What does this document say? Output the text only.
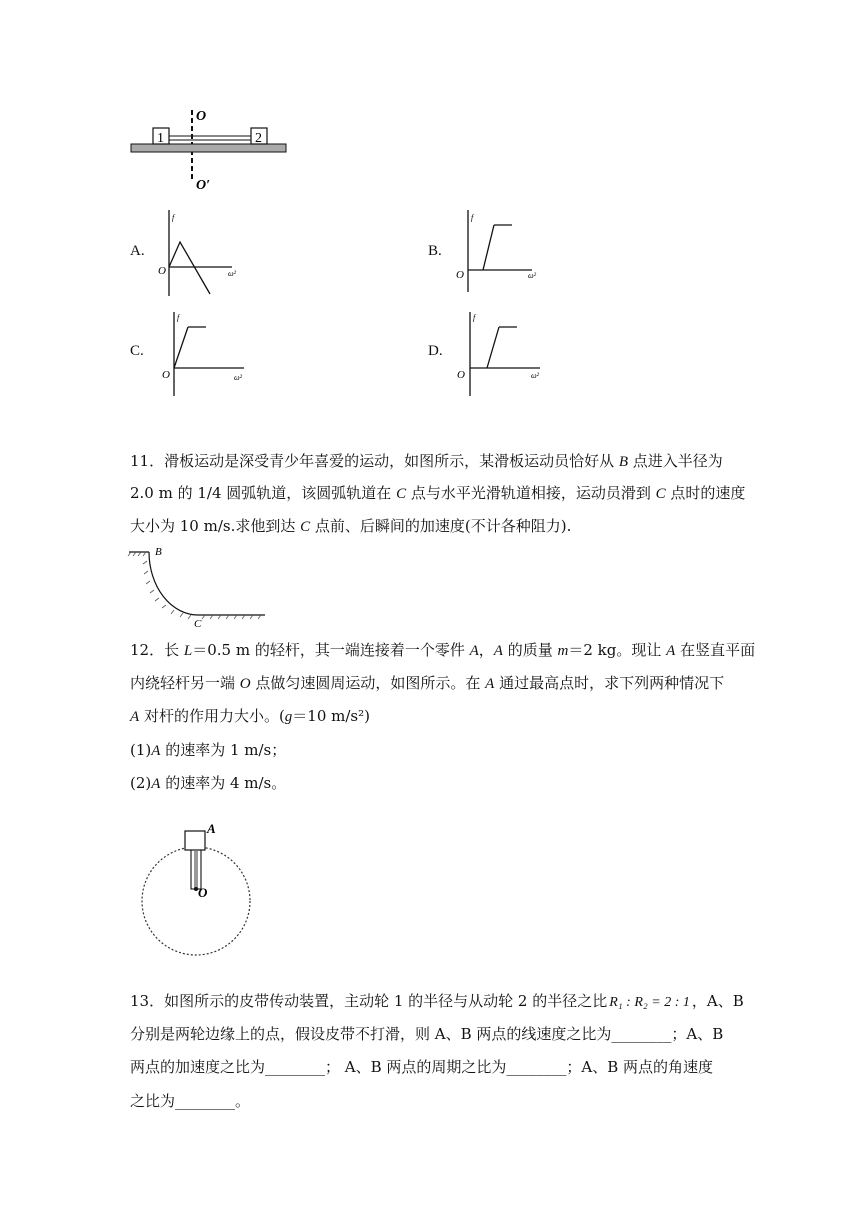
1	2
O
O′
A.
f
O	ω²
B.
f
O	ω²
C.
f
O	ω²
D.
f
O	ω²
11．滑板运动是深受青少年喜爱的运动，如图所示，某滑板运动员恰好从 B 点进入半径为
2.0 m 的 1/4 圆弧轨道，该圆弧轨道在 C 点与水平光滑轨道相接，运动员滑到 C 点时的速度
大小为 10 m/s.求他到达 C 点前、后瞬间的加速度(不计各种阻力).
B
C
12．长 L＝0.5 m 的轻杆，其一端连接着一个零件 A，A 的质量 m＝2 kg。现让 A 在竖直平面
内绕轻杆另一端 O 点做匀速圆周运动，如图所示。在 A 通过最高点时，求下列两种情况下
A 对杆的作用力大小。(g＝10 m/s²)
(1)A 的速率为 1 m/s；
(2)A 的速率为 4 m/s。
A
O
13．如图所示的皮带传动装置，主动轮 1 的半径与从动轮 2 的半径之比 R₁ : R₂ = 2 : 1 ，A、B
分别是两轮边缘上的点，假设皮带不打滑，则 A、B 两点的线速度之比为________；A、B
两点的加速度之比为________； A、B 两点的周期之比为________；A、B 两点的角速度
之比为________。
